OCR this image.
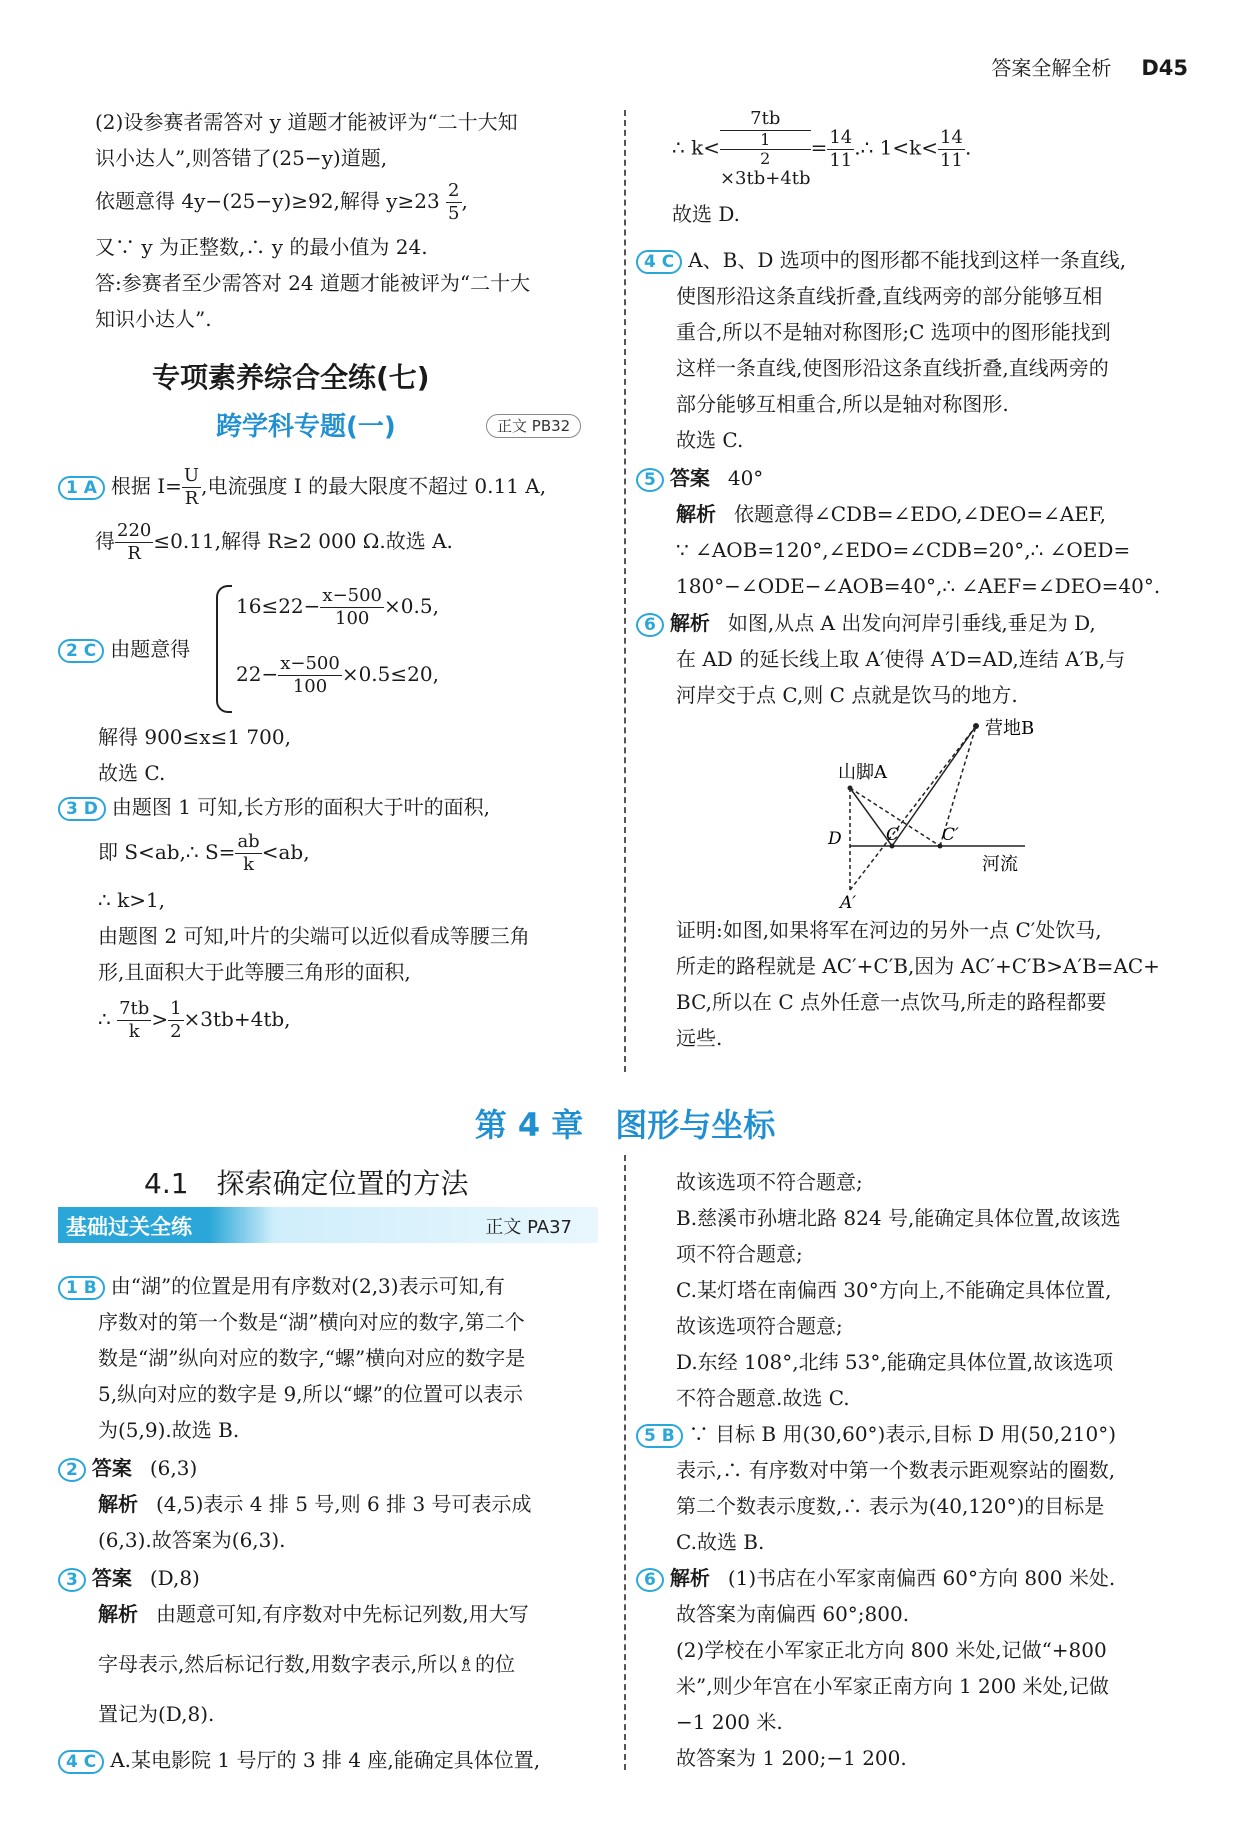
答案全解全析 D45

(2)设参赛者需答对 y 道题才能被评为“二十大知

识小达人”,则答错了(25−y)道题,

依题意得 4y−(25−y)≥92,解得 $y\ge 23 \frac{2}{5}$ ,

又∵ y 为正整数,∴ y 的最小值为 24.

答:参赛者至少需答对 24 道题才能被评为“二十大

知识小达人”.

专项素养综合全练(七)
跨学科专题(一)	正文 PB32

1 A 根据 $I= \frac{U}{R}$ ,电流强度 I 的最大限度不超过 0.11 A,

得 $\frac{220}{R} \le 0.11$,解得 R≥2 000 Ω.故选 A.

2 C 由题意得
$16\le 22- \frac{x-500}{100} \times 0.5$,
$22- \frac{x-500}{100} \times 0.5\le 20$,

解得 900≤x≤1 700,

故选 C.

3 D 由题图 1 可知,长方形的面积大于叶的面积,

即 S<ab,∴ $S= \frac{ab}{k} <ab$,

∴ k>1,

由题图 2 可知,叶片的尖端可以近似看成等腰三角

形,且面积大于此等腰三角形的面积,

∴ $\frac{7tb}{k} > \frac{1}{2} \times 3tb+4tb$,

∴ k< 7tb
1
2
$\times 3tb+4tb = \frac{14}{11}$ .∴ $1<k< \frac{14}{11}$ .

故选 D.

4 C A、B、D 选项中的图形都不能找到这样一条直线,

使图形沿这条直线折叠,直线两旁的部分能够互相

重合,所以不是轴对称图形;C 选项中的图形能找到

这样一条直线,使图形沿这条直线折叠,直线两旁的

部分能够互相重合,所以是轴对称图形.

故选 C.

5 答案 40°

解析 依题意得∠CDB=∠EDO,∠DEO=∠AEF,

∵ ∠AOB=120°,∠EDO=∠CDB=20°,∴ ∠OED=

180°−∠ODE−∠AOB=40°,∴ ∠AEF=∠DEO=40°.

6 解析 如图,从点 A 出发向河岸引垂线,垂足为 D,

在 AD 的延长线上取 A′使得 A′D=AD,连结 A′B,与

河岸交于点 C,则 C 点就是饮马的地方.

营地B
山脚A
D	C	C′
河流
A′

证明:如图,如果将军在河边的另外一点 C′处饮马,

所走的路程就是 AC′+C′B,因为 AC′+C′B>A′B=AC+

BC,所以在 C 点外任意一点饮马,所走的路程都要

远些.

第 4 章　图形与坐标
4.1　探索确定位置的方法
基础过关全练	正文 PA37

1 B 由“湖”的位置是用有序数对(2,3)表示可知,有

序数对的第一个数是“湖”横向对应的数字,第二个

数是“湖”纵向对应的数字,“螺”横向对应的数字是

5,纵向对应的数字是 9,所以“螺”的位置可以表示

为(5,9).故选 B.

2 答案 (6,3)

解析 (4,5)表示 4 排 5 号,则 6 排 3 号可表示成

(6,3).故答案为(6,3).

3 答案 (D,8)

解析 由题意可知,有序数对中先标记列数,用大写

字母表示,然后标记行数,用数字表示,所以♗的位

置记为(D,8).

4 C A.某电影院 1 号厅的 3 排 4 座,能确定具体位置,

故该选项不符合题意;

B.慈溪市孙塘北路 824 号,能确定具体位置,故该选

项不符合题意;

C.某灯塔在南偏西 30°方向上,不能确定具体位置,

故该选项符合题意;

D.东经 108°,北纬 53°,能确定具体位置,故该选项

不符合题意.故选 C.

5 B ∵ 目标 B 用(30,60°)表示,目标 D 用(50,210°)

表示,∴ 有序数对中第一个数表示距观察站的圈数,

第二个数表示度数,∴ 表示为(40,120°)的目标是

C.故选 B.

6 解析 (1)书店在小军家南偏西 60°方向 800 米处.

故答案为南偏西 60°;800.

(2)学校在小军家正北方向 800 米处,记做“+800

米”,则少年宫在小军家正南方向 1 200 米处,记做

−1 200 米.

故答案为 1 200;−1 200.
